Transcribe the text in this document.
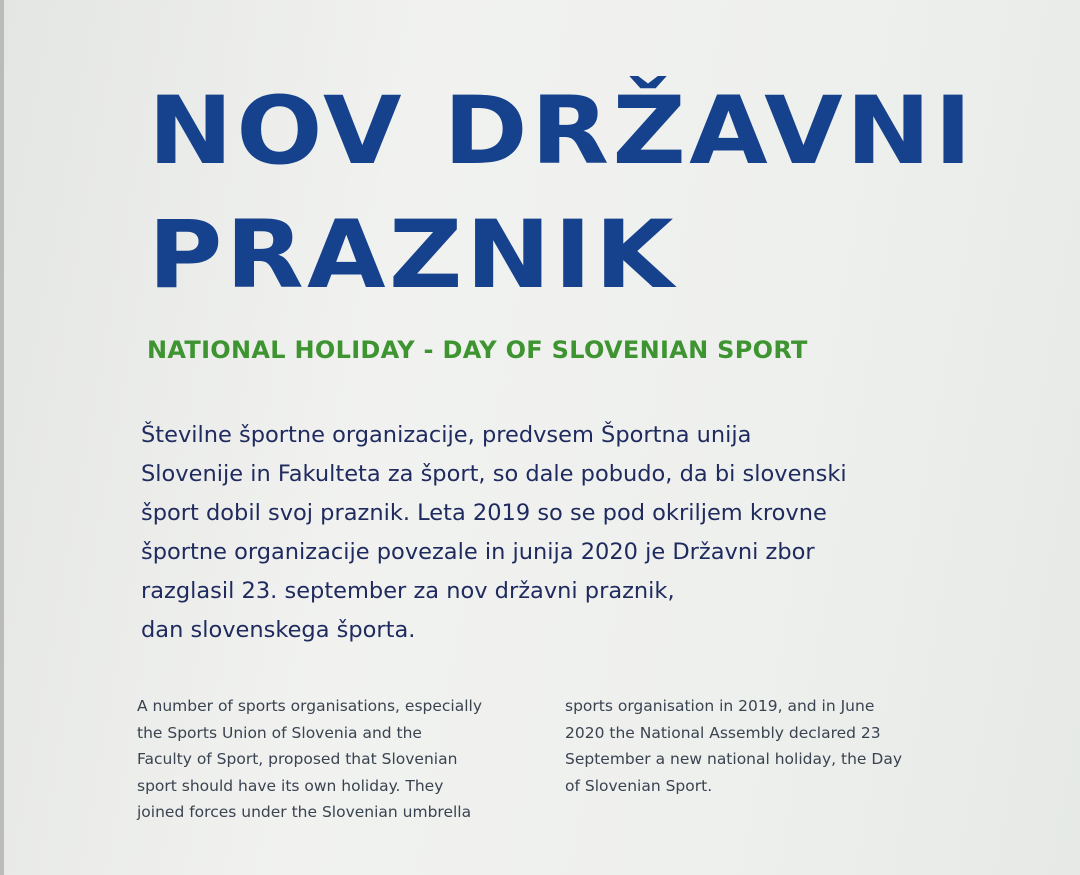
NOV DRŽAVNI
PRAZNIK
NATIONAL HOLIDAY - DAY OF SLOVENIAN SPORT
Številne športne organizacije, predvsem Športna unija
Slovenije in Fakulteta za šport, so dale pobudo, da bi slovenski
šport dobil svoj praznik. Leta 2019 so se pod okriljem krovne
športne organizacije povezale in junija 2020 je Državni zbor
razglasil 23. september za nov državni praznik,
dan slovenskega športa.
A number of sports organisations, especially
the Sports Union of Slovenia and the
Faculty of Sport, proposed that Slovenian
sport should have its own holiday. They
joined forces under the Slovenian umbrella
sports organisation in 2019, and in June
2020 the National Assembly declared 23
September a new national holiday, the Day
of Slovenian Sport.
